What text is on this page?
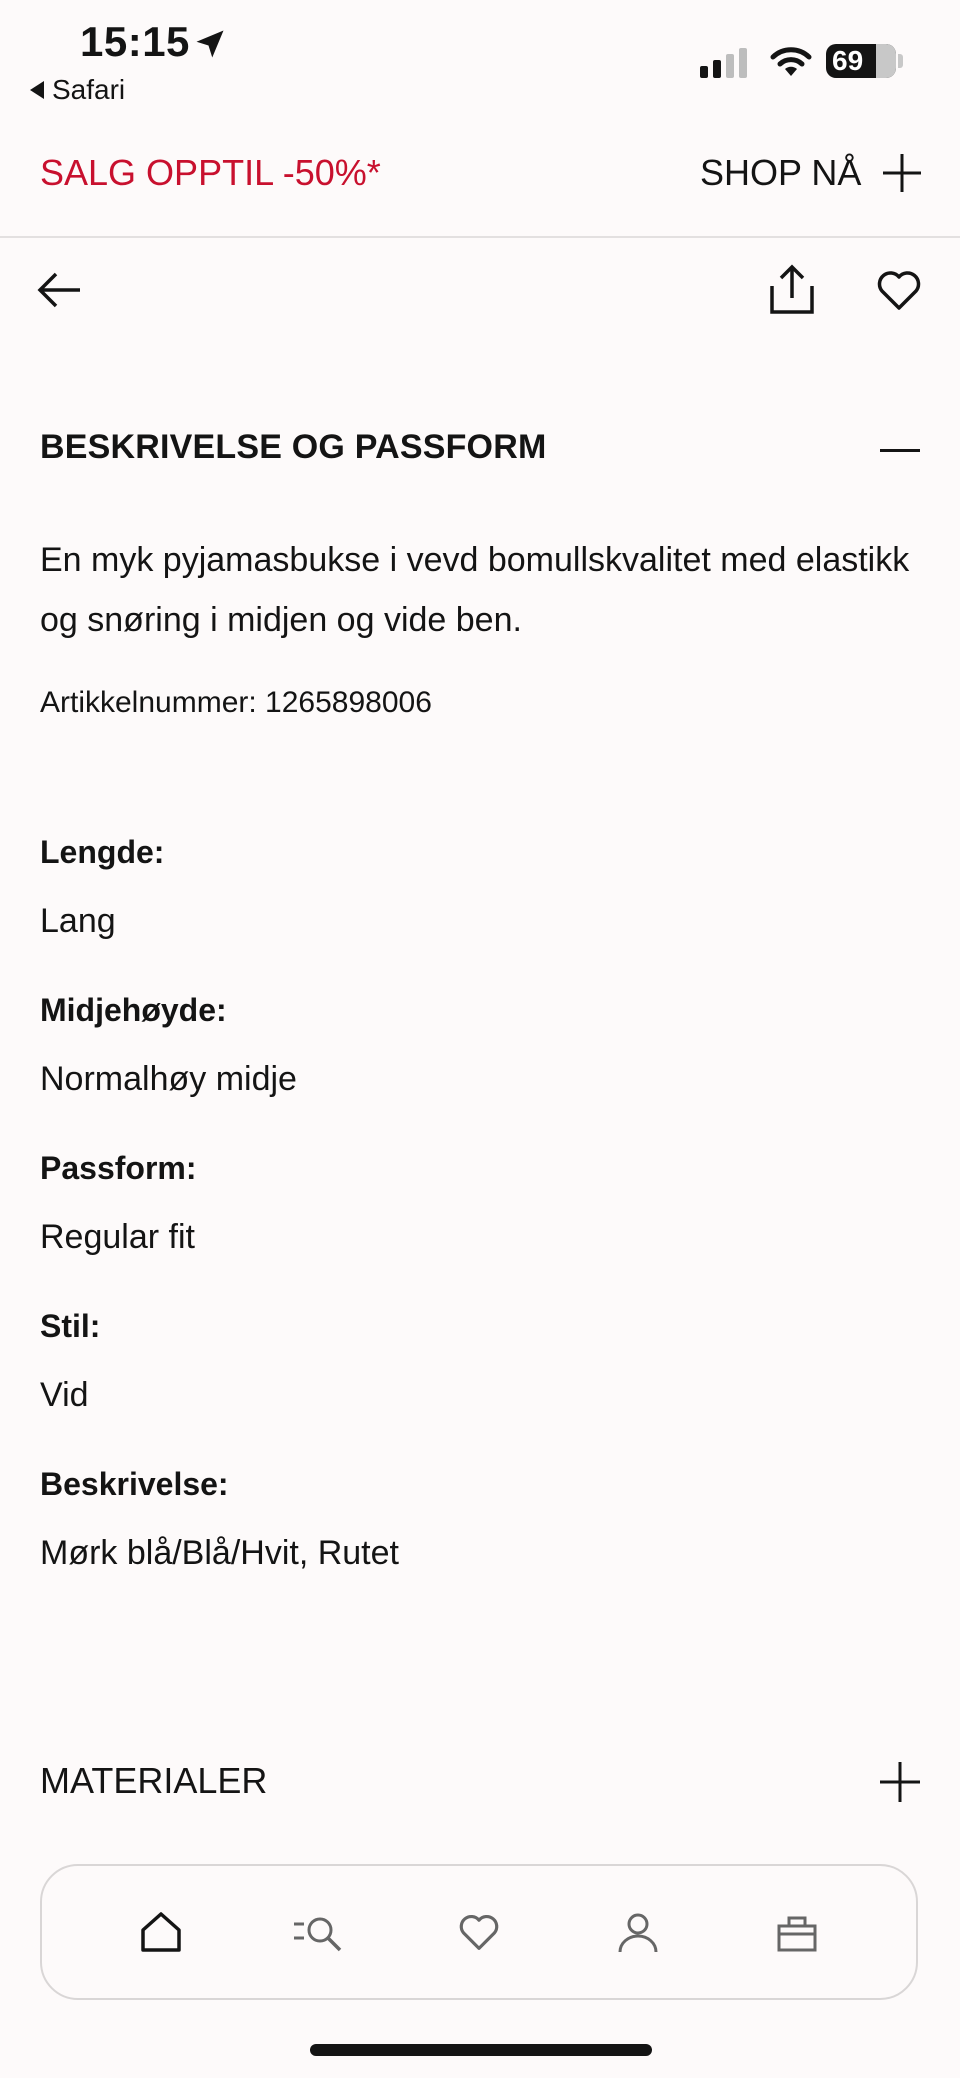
15:15
Safari
69
SALG OPPTIL -50%*	SHOP NÅ
BESKRIVELSE OG PASSFORM
En myk pyjamasbukse i vevd bomullskvalitet med elastikk og snøring i midjen og vide ben.
Artikkelnummer: 1265898006
Lengde:
Lang
Midjehøyde:
Normalhøy midje
Passform:
Regular fit
Stil:
Vid
Beskrivelse:
Mørk blå/Blå/Hvit, Rutet
MATERIALER
